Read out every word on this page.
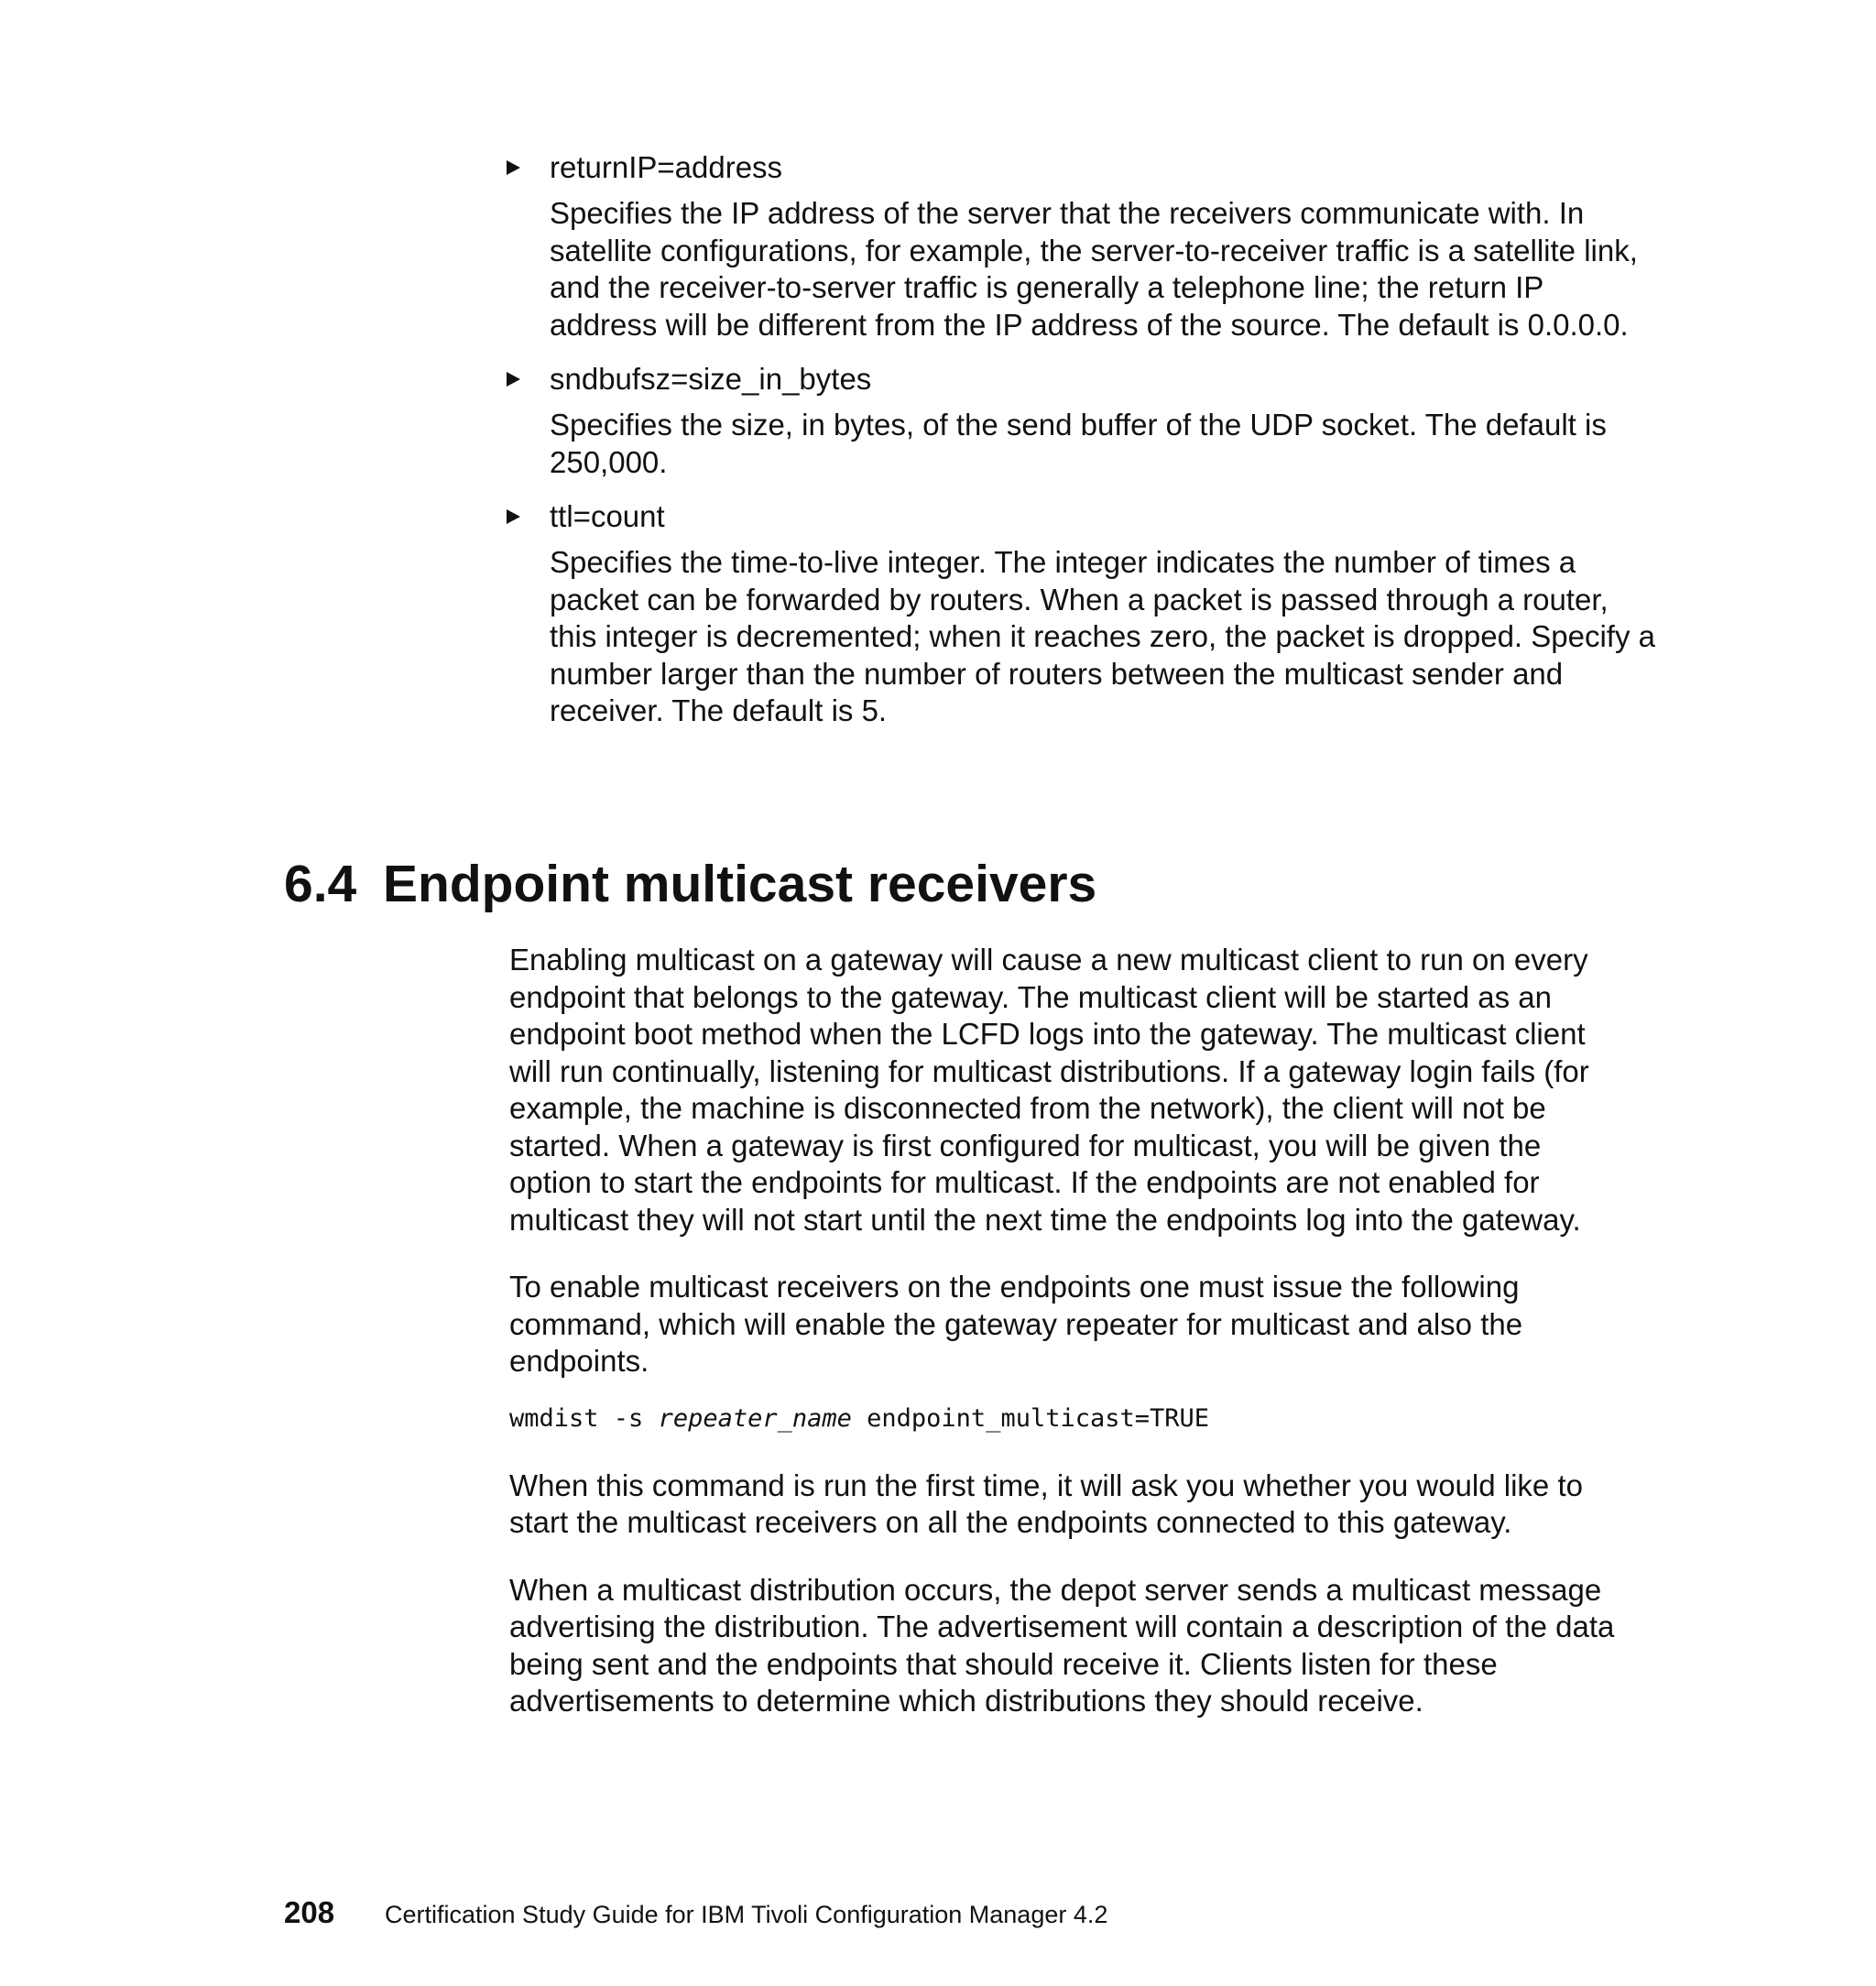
returnIP=address

Specifies the IP address of the server that the receivers communicate with. In satellite configurations, for example, the server-to-receiver traffic is a satellite link, and the receiver-to-server traffic is generally a telephone line; the return IP address will be different from the IP address of the source. The default is 0.0.0.0.

sndbufsz=size_in_bytes

Specifies the size, in bytes, of the send buffer of the UDP socket. The default is 250,000.

ttl=count

Specifies the time-to-live integer. The integer indicates the number of times a packet can be forwarded by routers. When a packet is passed through a router, this integer is decremented; when it reaches zero, the packet is dropped. Specify a number larger than the number of routers between the multicast sender and receiver. The default is 5.

6.4 Endpoint multicast receivers

Enabling multicast on a gateway will cause a new multicast client to run on every endpoint that belongs to the gateway. The multicast client will be started as an endpoint boot method when the LCFD logs into the gateway. The multicast client will run continually, listening for multicast distributions. If a gateway login fails (for example, the machine is disconnected from the network), the client will not be started. When a gateway is first configured for multicast, you will be given the option to start the endpoints for multicast. If the endpoints are not enabled for multicast they will not start until the next time the endpoints log into the gateway.

To enable multicast receivers on the endpoints one must issue the following command, which will enable the gateway repeater for multicast and also the endpoints.

wmdist -s repeater_name endpoint_multicast=TRUE

When this command is run the first time, it will ask you whether you would like to start the multicast receivers on all the endpoints connected to this gateway.

When a multicast distribution occurs, the depot server sends a multicast message advertising the distribution. The advertisement will contain a description of the data being sent and the endpoints that should receive it. Clients listen for these advertisements to determine which distributions they should receive.

208 Certification Study Guide for IBM Tivoli Configuration Manager 4.2
